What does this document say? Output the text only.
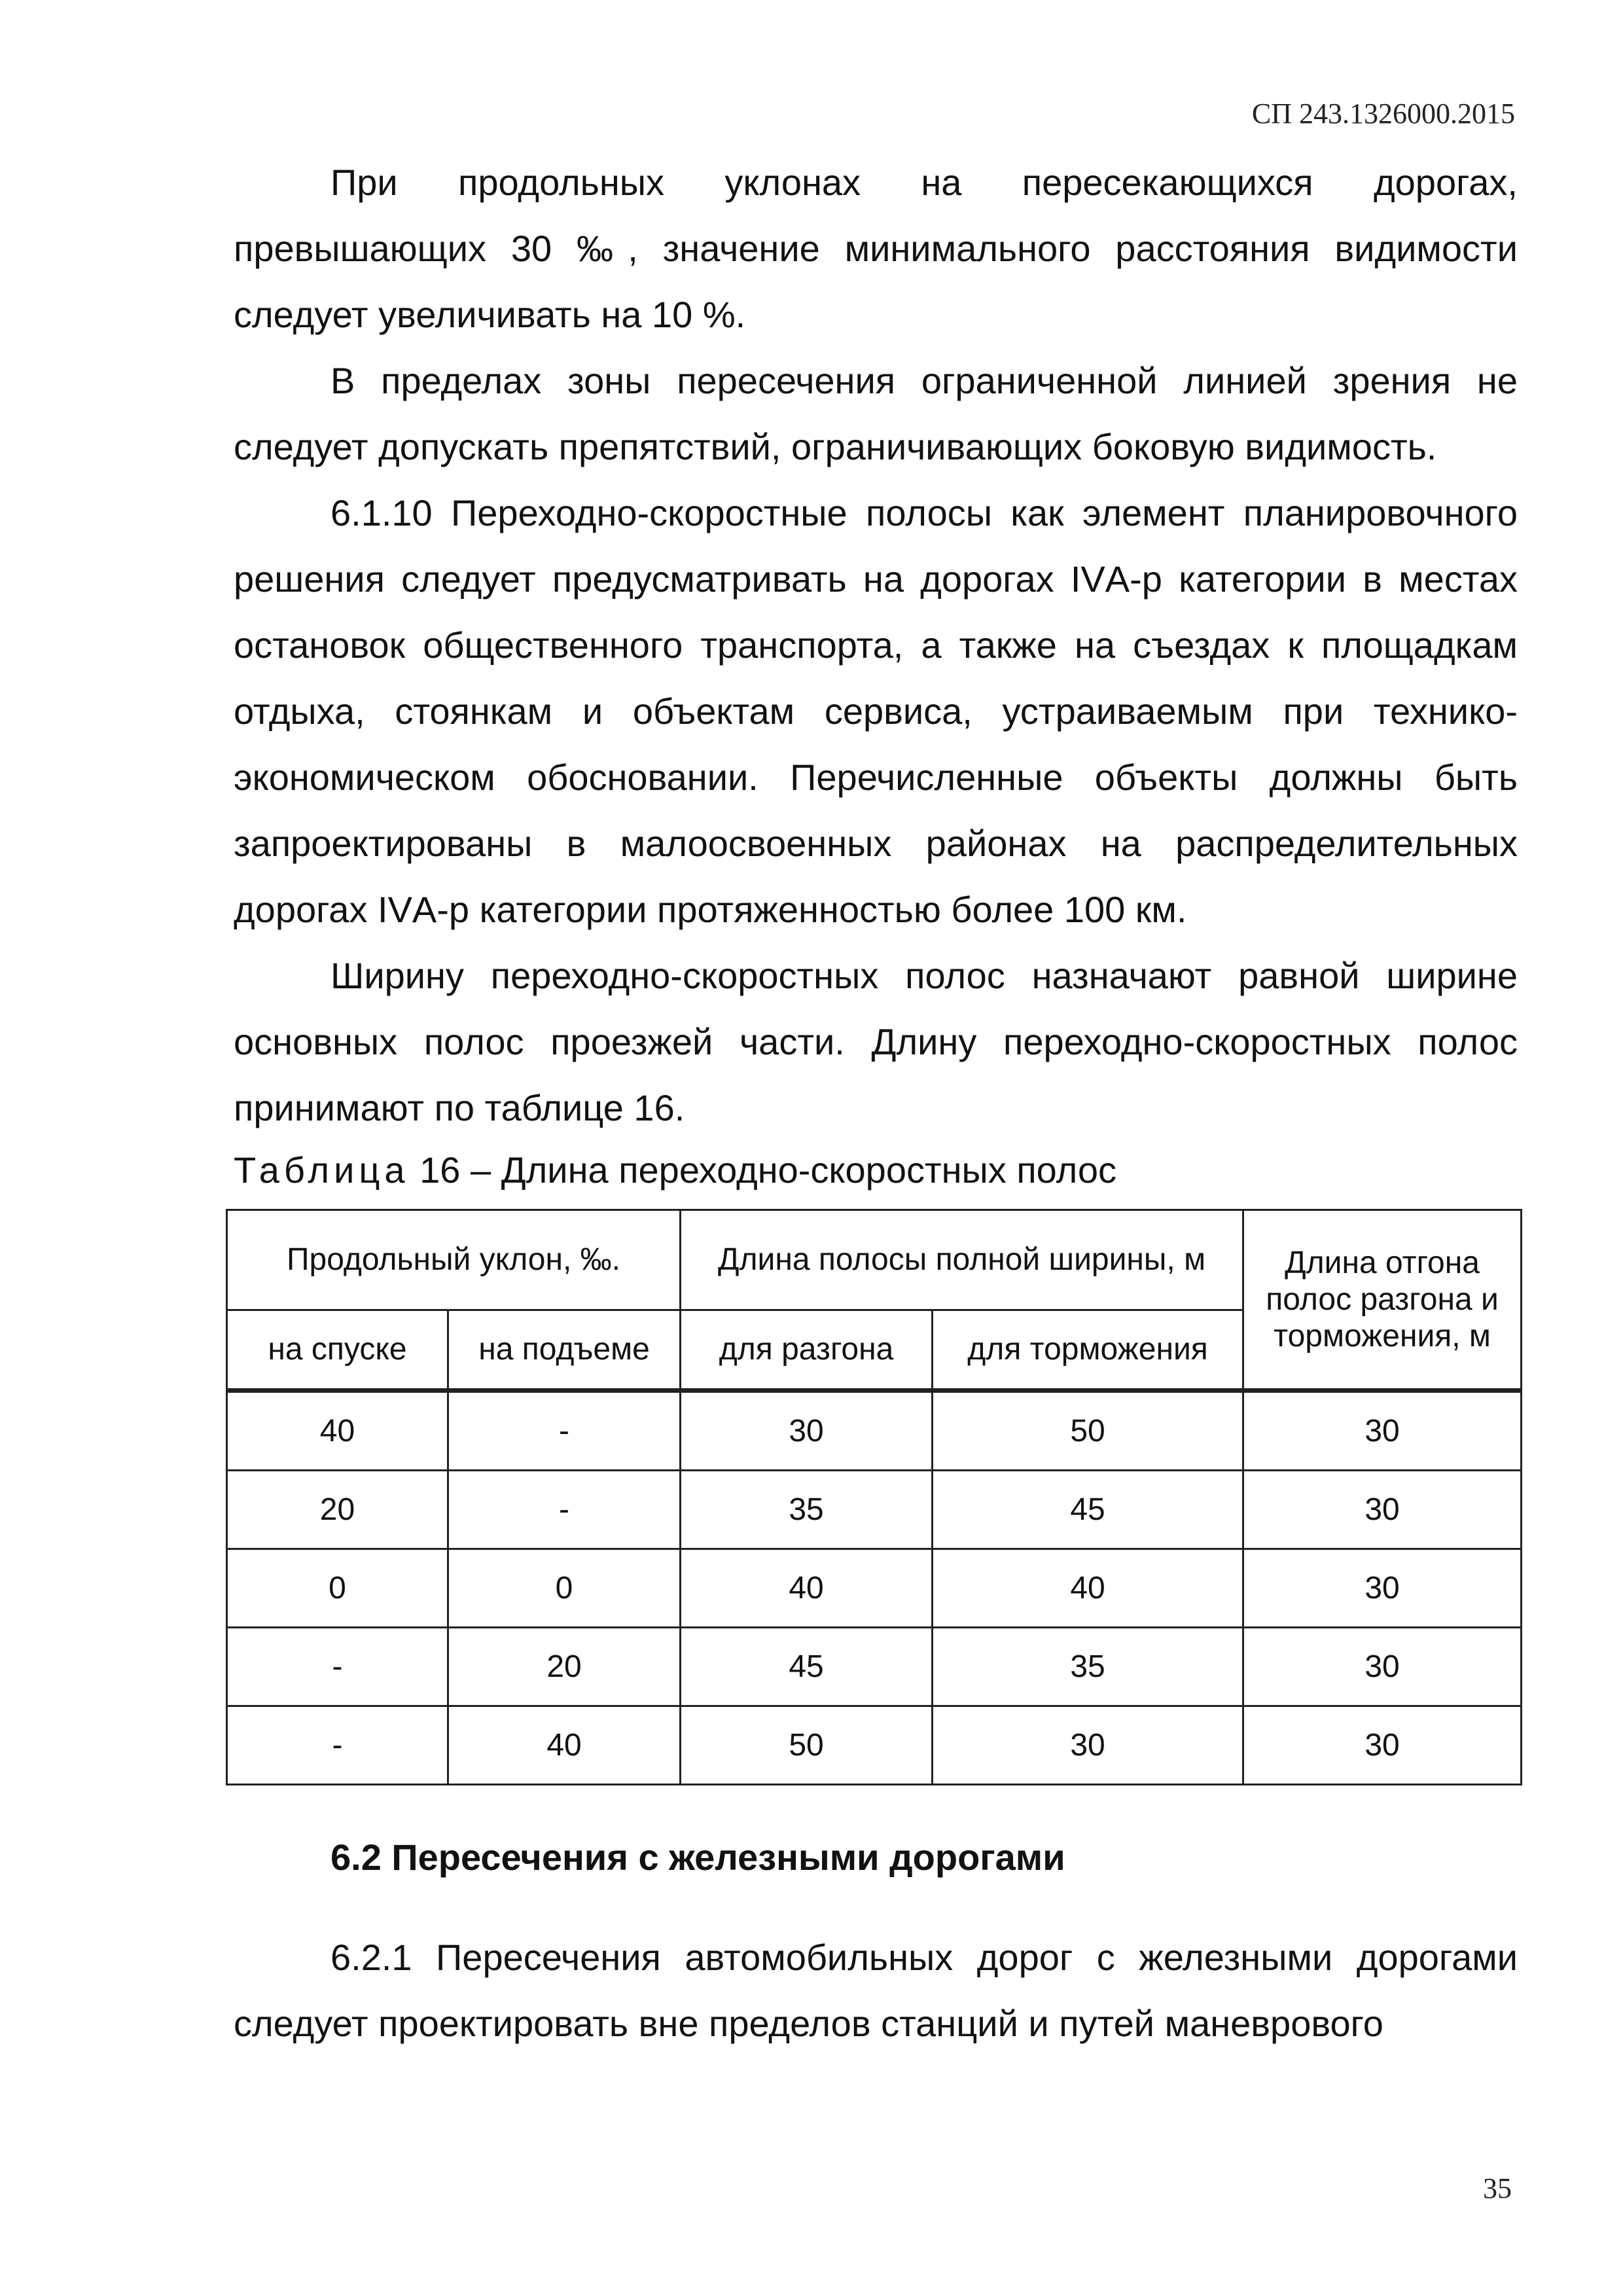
СП 243.1326000.2015

При продольных уклонах на пересекающихся дорогах, превышающих 30 ‰, значение минимального расстояния видимости следует увеличивать на 10 %.

В пределах зоны пересечения ограниченной линией зрения не следует допускать препятствий, ограничивающих боковую видимость.

6.1.10 Переходно-скоростные полосы как элемент планировочного решения следует предусматривать на дорогах IVА-р категории в местах остановок общественного транспорта, а также на съездах к площадкам отдыха, стоянкам и объектам сервиса, устраиваемым при технико-экономическом обосновании. Перечисленные объекты должны быть запроектированы в малоосвоенных районах на распределительных дорогах IVА-р категории протяженностью более 100 км.

Ширину переходно-скоростных полос назначают равной ширине основных полос проезжей части. Длину переходно-скоростных полос принимают по таблице 16.

Таблица 16 – Длина переходно-скоростных полос

Продольный уклон, ‰.		Длина полосы полной ширины, м		Длина отгона полос разгона и торможения, м
на спуске	на подъеме	для разгона	для торможения	
40	-	30	50	30
20	-	35	45	30
0	0	40	40	30
-	20	45	35	30
-	40	50	30	30
6.2 Пересечения с железными дорогами

6.2.1 Пересечения автомобильных дорог с железными дорогами следует проектировать вне пределов станций и путей маневрового

35
